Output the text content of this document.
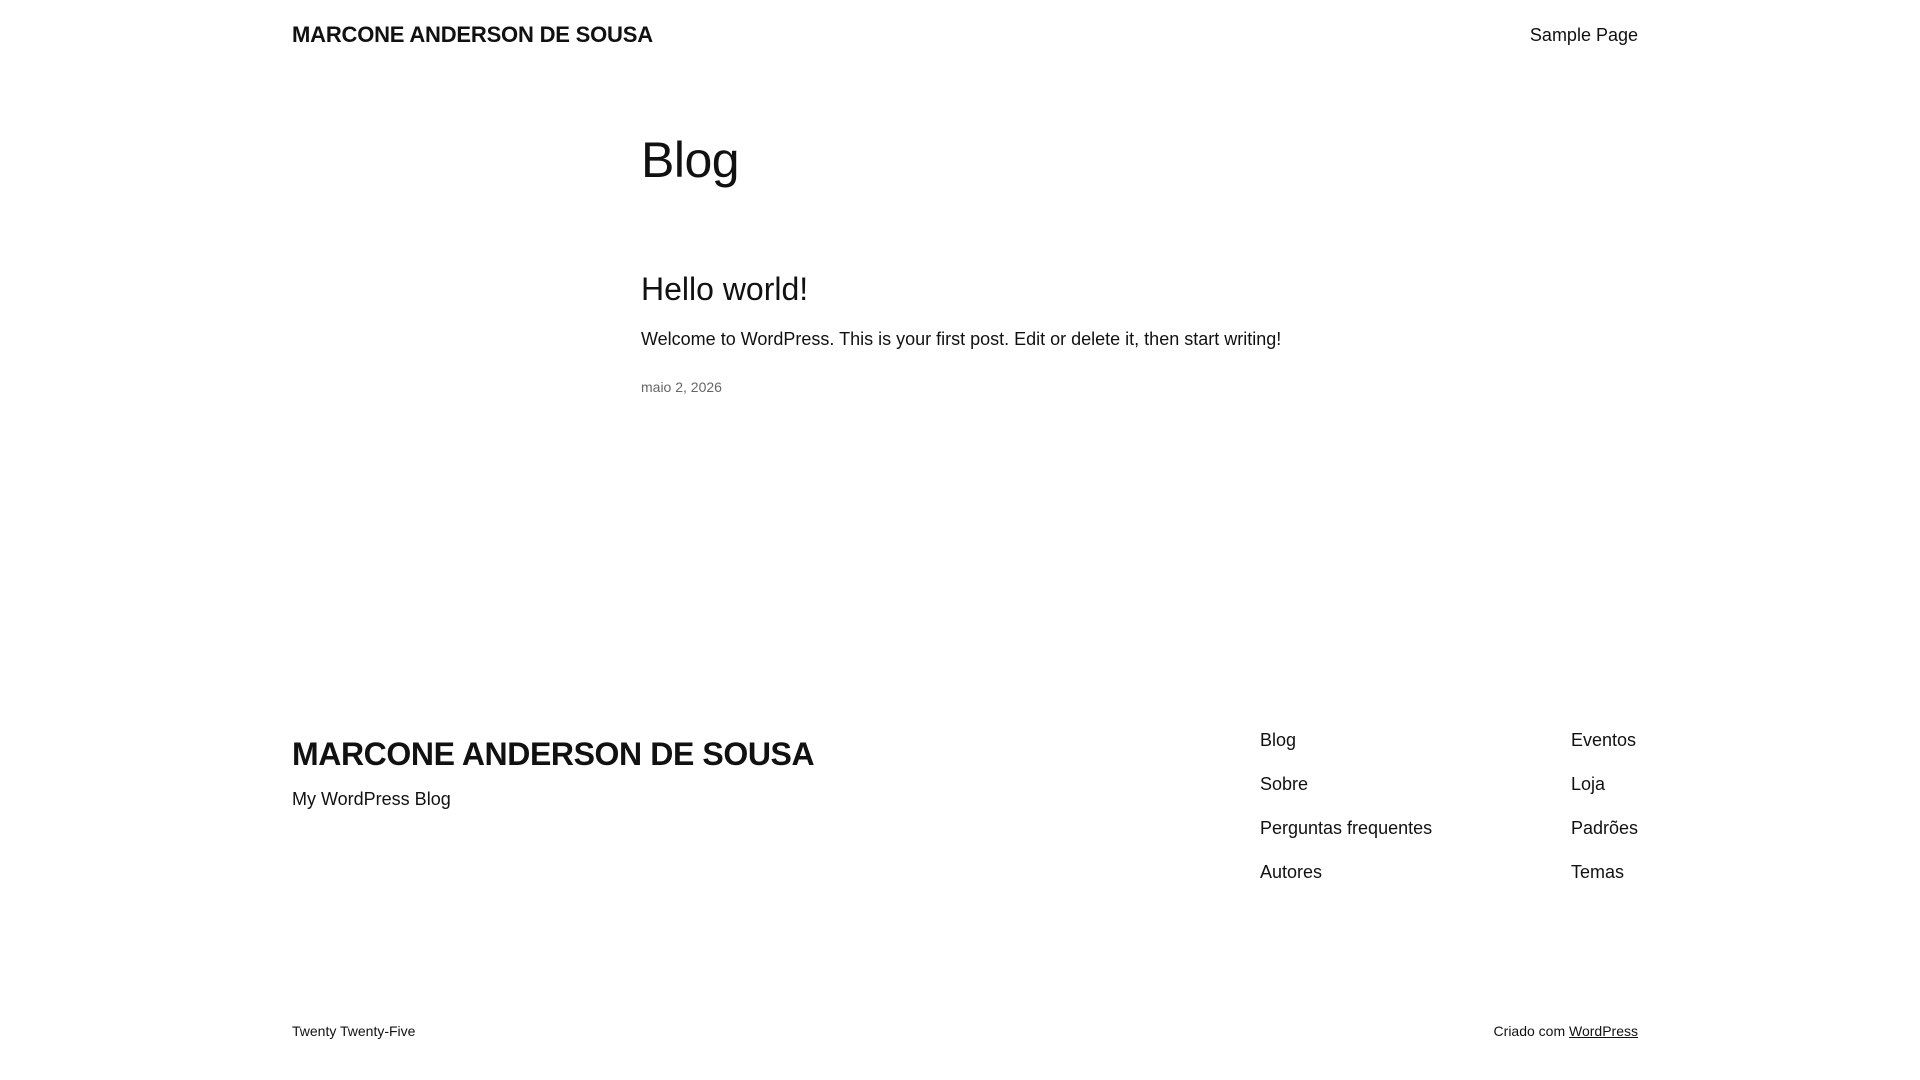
MARCONE ANDERSON DE SOUSA	Sample Page
Blog
Hello world!

Welcome to WordPress. This is your first post. Edit or delete it, then start writing!

maio 2, 2026
MARCONE ANDERSON DE SOUSA
My WordPress Blog
Blog
Sobre
Perguntas frequentes
Autores
Eventos
Loja
Padrões
Temas
Twenty Twenty-Five	Criado com WordPress
